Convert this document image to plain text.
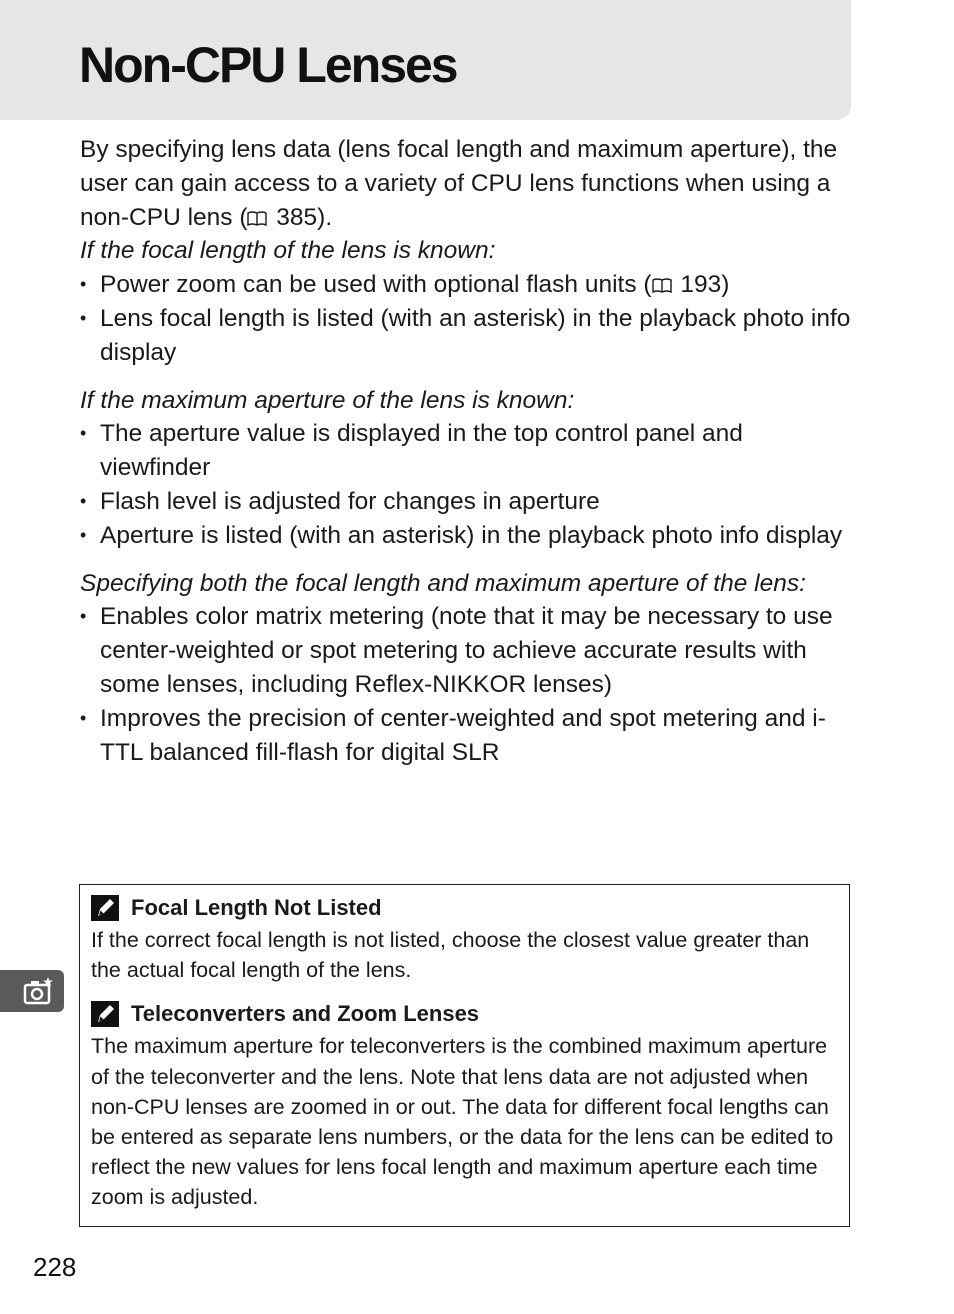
Non-CPU Lenses

By specifying lens data (lens focal length and maximum aperture), the user can gain access to a variety of CPU lens functions when using a non-CPU lens ( 385).

If the focal length of the lens is known:

• Power zoom can be used with optional flash units ( 193)
• Lens focal length is listed (with an asterisk) in the playback photo info display

If the maximum aperture of the lens is known:

• The aperture value is displayed in the top control panel and viewfinder
• Flash level is adjusted for changes in aperture
• Aperture is listed (with an asterisk) in the playback photo info display

Specifying both the focal length and maximum aperture of the lens:

• Enables color matrix metering (note that it may be necessary to use center-weighted or spot metering to achieve accurate results with some lenses, including Reflex-NIKKOR lenses)
• Improves the precision of center-weighted and spot metering and i-TTL balanced fill-flash for digital SLR
Focal Length Not Listed

If the correct focal length is not listed, choose the closest value greater than the actual focal length of the lens.

Teleconverters and Zoom Lenses

The maximum aperture for teleconverters is the combined maximum aperture of the teleconverter and the lens. Note that lens data are not adjusted when non-CPU lenses are zoomed in or out. The data for different focal lengths can be entered as separate lens numbers, or the data for the lens can be edited to reflect the new values for lens focal length and maximum aperture each time zoom is adjusted.

228
